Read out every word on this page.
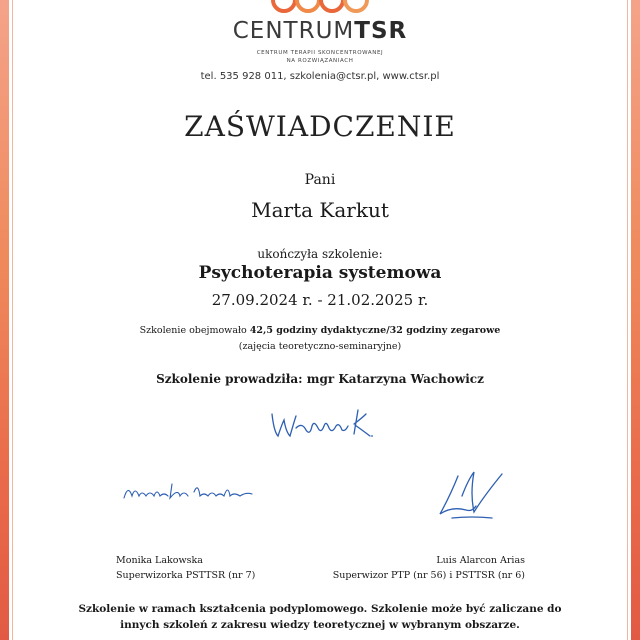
CENTRUMTSR
CENTRUM TERAPII SKONCENTROWANEJ
NA ROZWIĄZANIACH
tel. 535 928 011, szkolenia@ctsr.pl, www.ctsr.pl
ZAŚWIADCZENIE
Pani
Marta Karkut
ukończyła szkolenie:
Psychoterapia systemowa
27.09.2024 r. - 21.02.2025 r.
Szkolenie obejmowało 42,5 godziny dydaktyczne/32 godziny zegarowe
(zajęcia teoretyczno-seminaryjne)
Szkolenie prowadziła: mgr Katarzyna Wachowicz
Monika Lakowska
Superwizorka PSTTSR (nr 7)
Luis Alarcon Arias
Superwizor PTP (nr 56) i PSTTSR (nr 6)
Szkolenie w ramach kształcenia podyplomowego. Szkolenie może być zaliczane do
innych szkoleń z zakresu wiedzy teoretycznej w wybranym obszarze.
